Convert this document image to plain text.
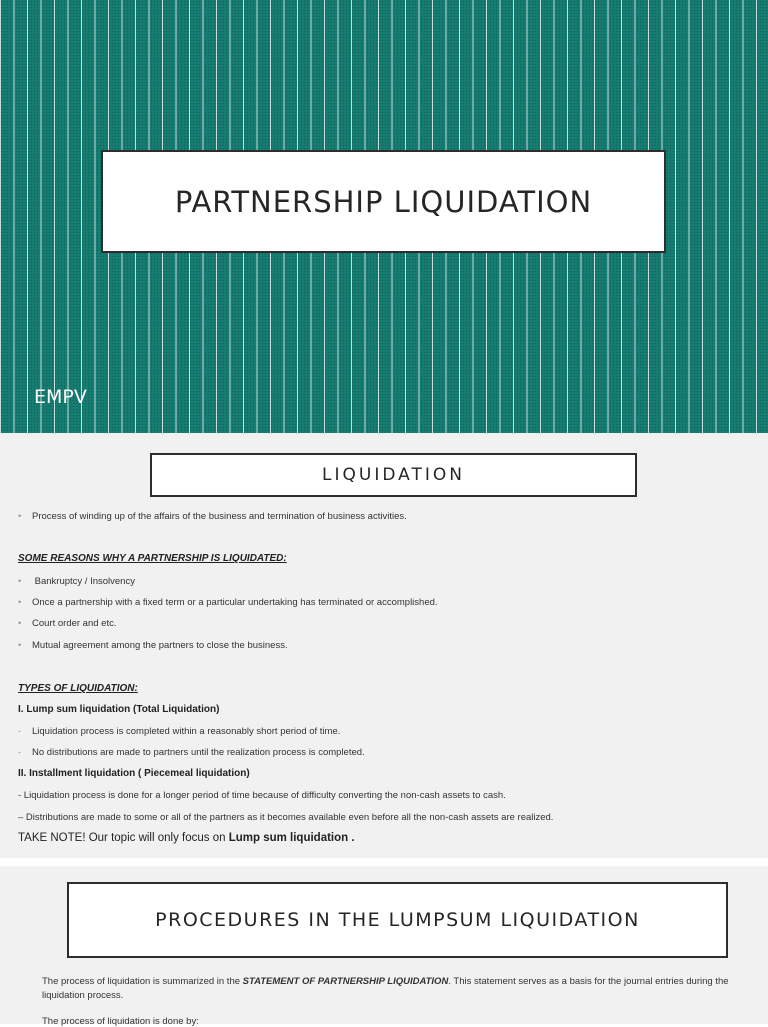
PARTNERSHIP LIQUIDATION
EMPV
LIQUIDATION
• Process of winding up of the affairs of the business and termination of business activities.
SOME REASONS WHY A PARTNERSHIP IS LIQUIDATED:
• Bankruptcy / Insolvency
• Once a partnership with a fixed term or a particular undertaking has terminated or accomplished.
• Court order and etc.
• Mutual agreement among the partners to close the business.
TYPES OF LIQUIDATION:
I. Lump sum liquidation (Total Liquidation)
- Liquidation process is completed within a reasonably short period of time.
- No distributions are made to partners until the realization process is completed.
II. Installment liquidation ( Piecemeal liquidation)
- Liquidation process is done for a longer period of time because of difficulty converting the non-cash assets to cash.
– Distributions are made to some or all of the partners as it becomes available even before all the non-cash assets are realized.
TAKE NOTE! Our topic will only focus on Lump sum liquidation .
PROCEDURES IN THE LUMPSUM LIQUIDATION
The process of liquidation is summarized in the STATEMENT OF PARTNERSHIP LIQUIDATION. This statement serves as a basis for the journal entries during the liquidation process.
The process of liquidation is done by:
